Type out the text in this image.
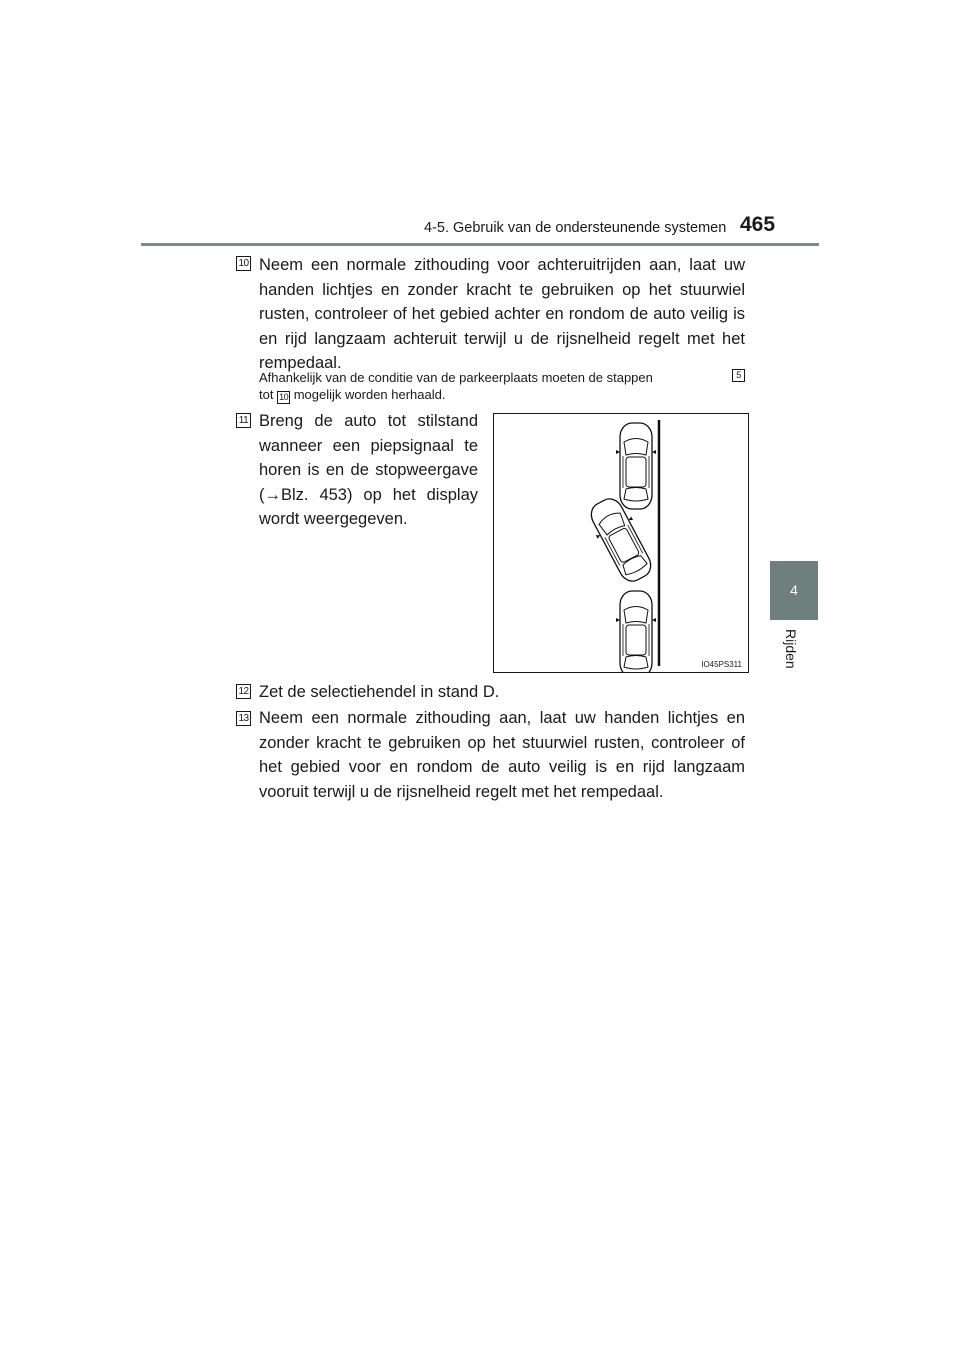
4-5. Gebruik van de ondersteunende systemen 465
4
Rijden
10 Neem een normale zithouding voor achteruitrijden aan, laat uw handen lichtjes en zonder kracht te gebruiken op het stuurwiel rusten, controleer of het gebied achter en rondom de auto veilig is en rijd langzaam achteruit terwijl u de rijsnelheid regelt met het rempedaal.
Afhankelijk van de conditie van de parkeerplaats moeten de stappen	5
tot 10 mogelijk worden herhaald.
11 Breng de auto tot stilstand wanneer een piepsignaal te horen is en de stopweergave (→Blz. 453) op het display wordt weergegeven.
IO45PS311
12 Zet de selectiehendel in stand D.
13 Neem een normale zithouding aan, laat uw handen lichtjes en zonder kracht te gebruiken op het stuurwiel rusten, controleer of het gebied voor en rondom de auto veilig is en rijd langzaam vooruit terwijl u de rijsnelheid regelt met het rempedaal.
